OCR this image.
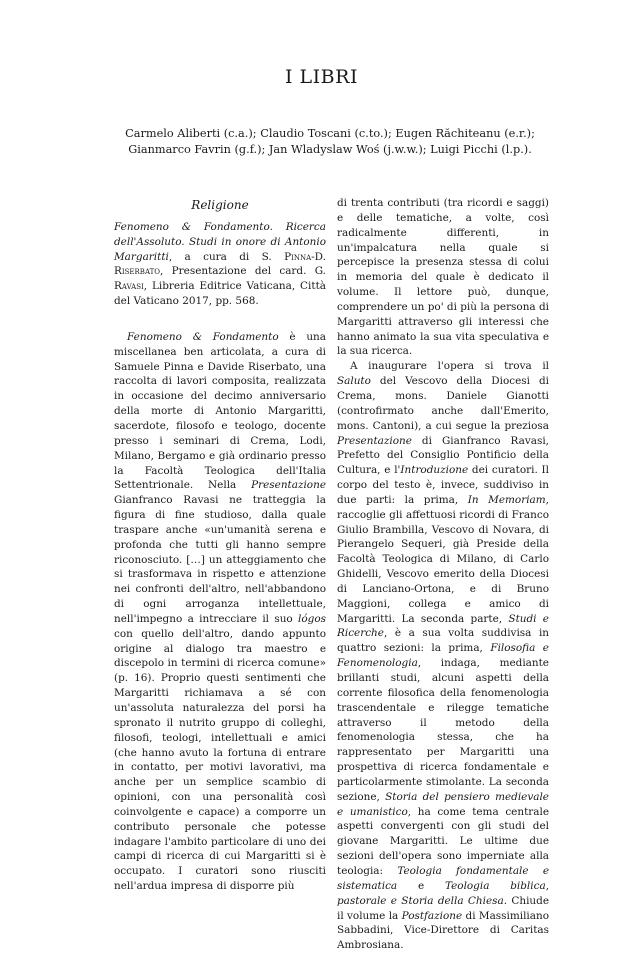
I LIBRI
Carmelo Aliberti (c.a.); Claudio Toscani (c.to.); Eugen Răchiteanu (e.r.);
Gianmarco Favrin (g.f.); Jan Wladyslaw Woś (j.w.w.); Luigi Picchi (l.p.).

Religione

Fenomeno & Fondamento. Ricerca dell'Assoluto. Studi in onore di Antonio Margaritti, a cura di S. Pinna-D. Riserbato, Presentazione del card. G. Ravasi, Libreria Editrice Vaticana, Città del Vaticano 2017, pp. 568.

Fenomeno & Fondamento è una miscellanea ben articolata, a cura di Samuele Pinna e Davide Riserbato, una raccolta di lavori composita, realizzata in occasione del decimo anniversario della morte di Antonio Margaritti, sacerdote, filosofo e teologo, docente presso i seminari di Crema, Lodi, Milano, Bergamo e già ordinario presso la Facoltà Teologica dell'Italia Settentrionale. Nella Presentazione Gianfranco Ravasi ne tratteggia la figura di fine studioso, dalla quale traspare anche «un'umanità serena e profonda che tutti gli hanno sempre riconosciuto. […] un atteggiamento che si trasformava in rispetto e attenzione nei confronti dell'altro, nell'abbandono di ogni arroganza intellettuale, nell'impegno a intrecciare il suo lógos con quello dell'altro, dando appunto origine al dialogo tra maestro e discepolo in termini di ricerca comune» (p. 16). Proprio questi sentimenti che Margaritti richiamava a sé con un'assoluta naturalezza del porsi ha spronato il nutrito gruppo di colleghi, filosofi, teologi, intellettuali e amici (che hanno avuto la fortuna di entrare in contatto, per motivi lavorativi, ma anche per un semplice scambio di opinioni, con una personalità così coinvolgente e capace) a comporre un contributo personale che potesse indagare l'ambito particolare di uno dei campi di ricerca di cui Margaritti si è occupato. I curatori sono riusciti nell'ardua impresa di disporre più

di trenta contributi (tra ricordi e saggi) e delle tematiche, a volte, così radicalmente differenti, in un'impalcatura nella quale si percepisce la presenza stessa di colui in memoria del quale è dedicato il volume. Il lettore può, dunque, comprendere un po' di più la persona di Margaritti attraverso gli interessi che hanno animato la sua vita speculativa e la sua ricerca.

A inaugurare l'opera si trova il Saluto del Vescovo della Diocesi di Crema, mons. Daniele Gianotti (controfirmato anche dall'Emerito, mons. Cantoni), a cui segue la preziosa Presentazione di Gianfranco Ravasi, Prefetto del Consiglio Pontificio della Cultura, e l'Introduzione dei curatori. Il corpo del testo è, invece, suddiviso in due parti: la prima, In Memoriam, raccoglie gli affettuosi ricordi di Franco Giulio Brambilla, Vescovo di Novara, di Pierangelo Sequeri, già Preside della Facoltà Teologica di Milano, di Carlo Ghidelli, Vescovo emerito della Diocesi di Lanciano-Ortona, e di Bruno Maggioni, collega e amico di Margaritti. La seconda parte, Studi e Ricerche, è a sua volta suddivisa in quattro sezioni: la prima, Filosofia e Fenomenologia, indaga, mediante brillanti studi, alcuni aspetti della corrente filosofica della fenomenologia trascendentale e rilegge tematiche attraverso il metodo della fenomenologia stessa, che ha rappresentato per Margaritti una prospettiva di ricerca fondamentale e particolarmente stimolante. La seconda sezione, Storia del pensiero medievale e umanistico, ha come tema centrale aspetti convergenti con gli studi del giovane Margaritti. Le ultime due sezioni dell'opera sono imperniate alla teologia: Teologia fondamentale e sistematica e Teologia biblica, pastorale e Storia della Chiesa. Chiude il volume la Postfazione di Massimiliano Sabbadini, Vice-Direttore di Caritas Ambrosiana.
